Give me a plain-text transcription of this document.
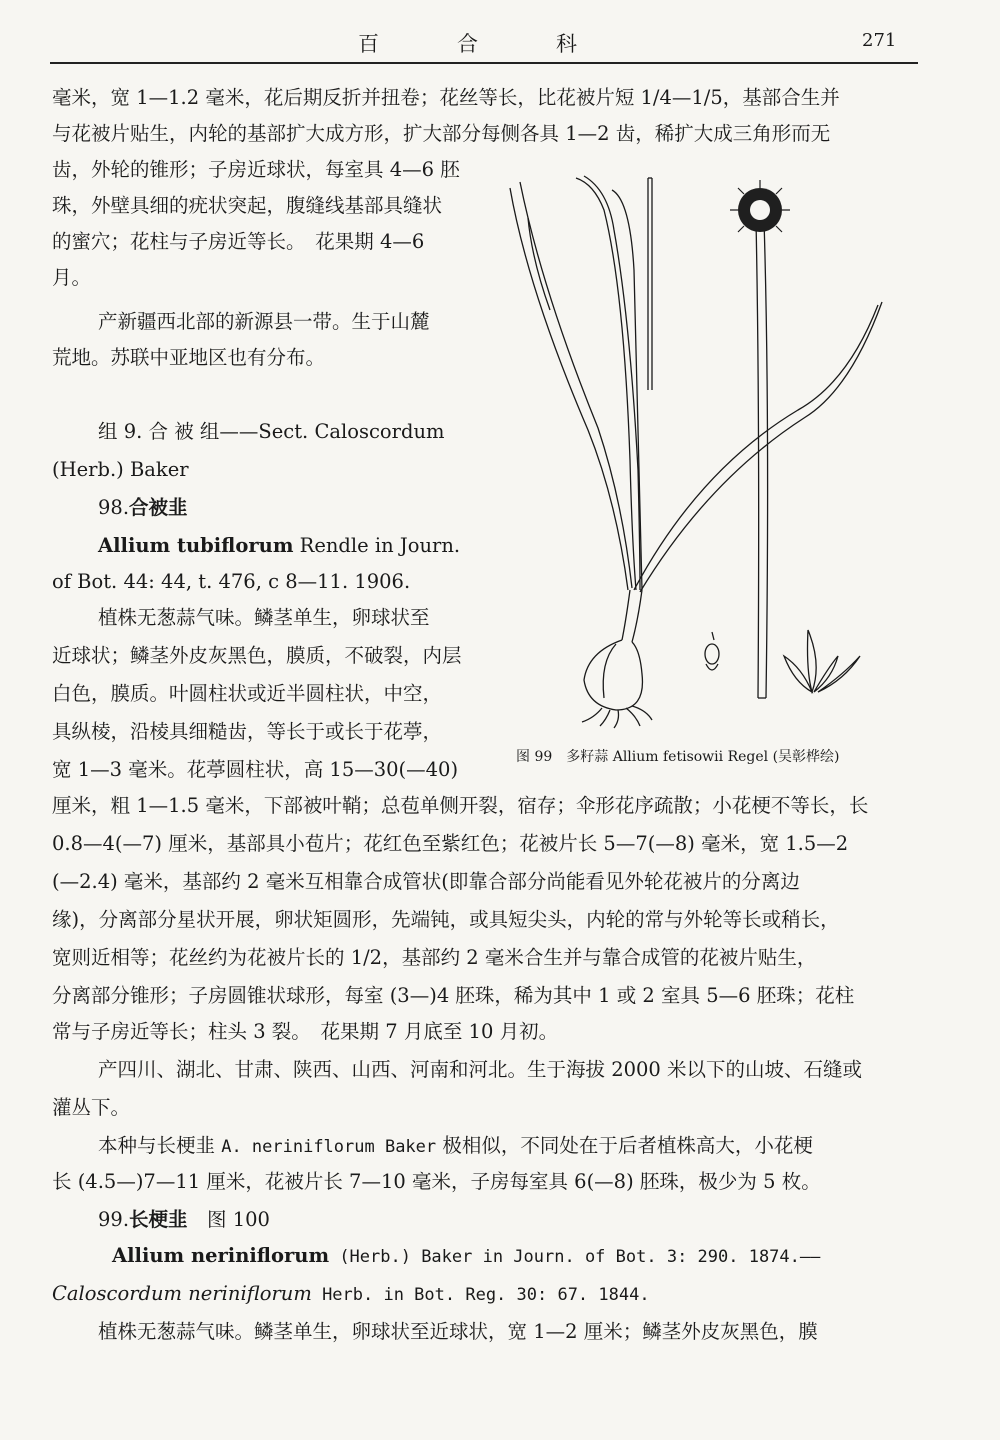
百合科	271
毫米，宽 1—1.2 毫米，花后期反折并扭卷；花丝等长，比花被片短 1/4—1/5，基部合生并
与花被片贴生，内轮的基部扩大成方形，扩大部分每侧各具 1—2 齿，稀扩大成三角形而无
齿，外轮的锥形；子房近球状，每室具 4—6 胚
珠，外壁具细的疣状突起，腹缝线基部具缝状
的蜜穴；花柱与子房近等长。　花果期 4—6
月。
产新疆西北部的新源县一带。生于山麓
荒地。苏联中亚地区也有分布。
组 9. 合 被 组——Sect. Caloscordum
(Herb.) Baker
98.合被韭
Allium tubiflorum Rendle in Journ.
of Bot. 44: 44, t. 476, c 8—11. 1906.
植株无葱蒜气味。鳞茎单生，卵球状至
近球状；鳞茎外皮灰黑色，膜质，不破裂，内层
白色，膜质。叶圆柱状或近半圆柱状，中空，
具纵棱，沿棱具细糙齿，等长于或长于花葶，
宽 1—3 毫米。花葶圆柱状，高 15—30(—40)
厘米，粗 1—1.5 毫米，下部被叶鞘；总苞单侧开裂，宿存；伞形花序疏散；小花梗不等长，长
0.8—4(—7) 厘米，基部具小苞片；花红色至紫红色；花被片长 5—7(—8) 毫米，宽 1.5—2
(—2.4) 毫米，基部约 2 毫米互相靠合成管状(即靠合部分尚能看见外轮花被片的分离边
缘)，分离部分星状开展，卵状矩圆形，先端钝，或具短尖头，内轮的常与外轮等长或稍长，
宽则近相等；花丝约为花被片长的 1/2，基部约 2 毫米合生并与靠合成管的花被片贴生，
分离部分锥形；子房圆锥状球形，每室 (3—)4 胚珠，稀为其中 1 或 2 室具 5—6 胚珠；花柱
常与子房近等长；柱头 3 裂。　花果期 7 月底至 10 月初。
产四川、湖北、甘肃、陕西、山西、河南和河北。生于海拔 2000 米以下的山坡、石缝或
灌丛下。
本种与长梗韭 A. neriniflorum Baker 极相似，不同处在于后者植株高大，小花梗
长 (4.5—)7—11 厘米，花被片长 7—10 毫米，子房每室具 6(—8) 胚珠，极少为 5 枚。
99.长梗韭　图 100
Allium neriniflorum (Herb.) Baker in Journ. of Bot. 3: 290. 1874.——
Caloscordum neriniflorum Herb. in Bot. Reg. 30: 67. 1844.
植株无葱蒜气味。鳞茎单生，卵球状至近球状，宽 1—2 厘米；鳞茎外皮灰黑色，膜
图 99　多籽蒜 Allium fetisowii Regel (吴彰桦绘)
